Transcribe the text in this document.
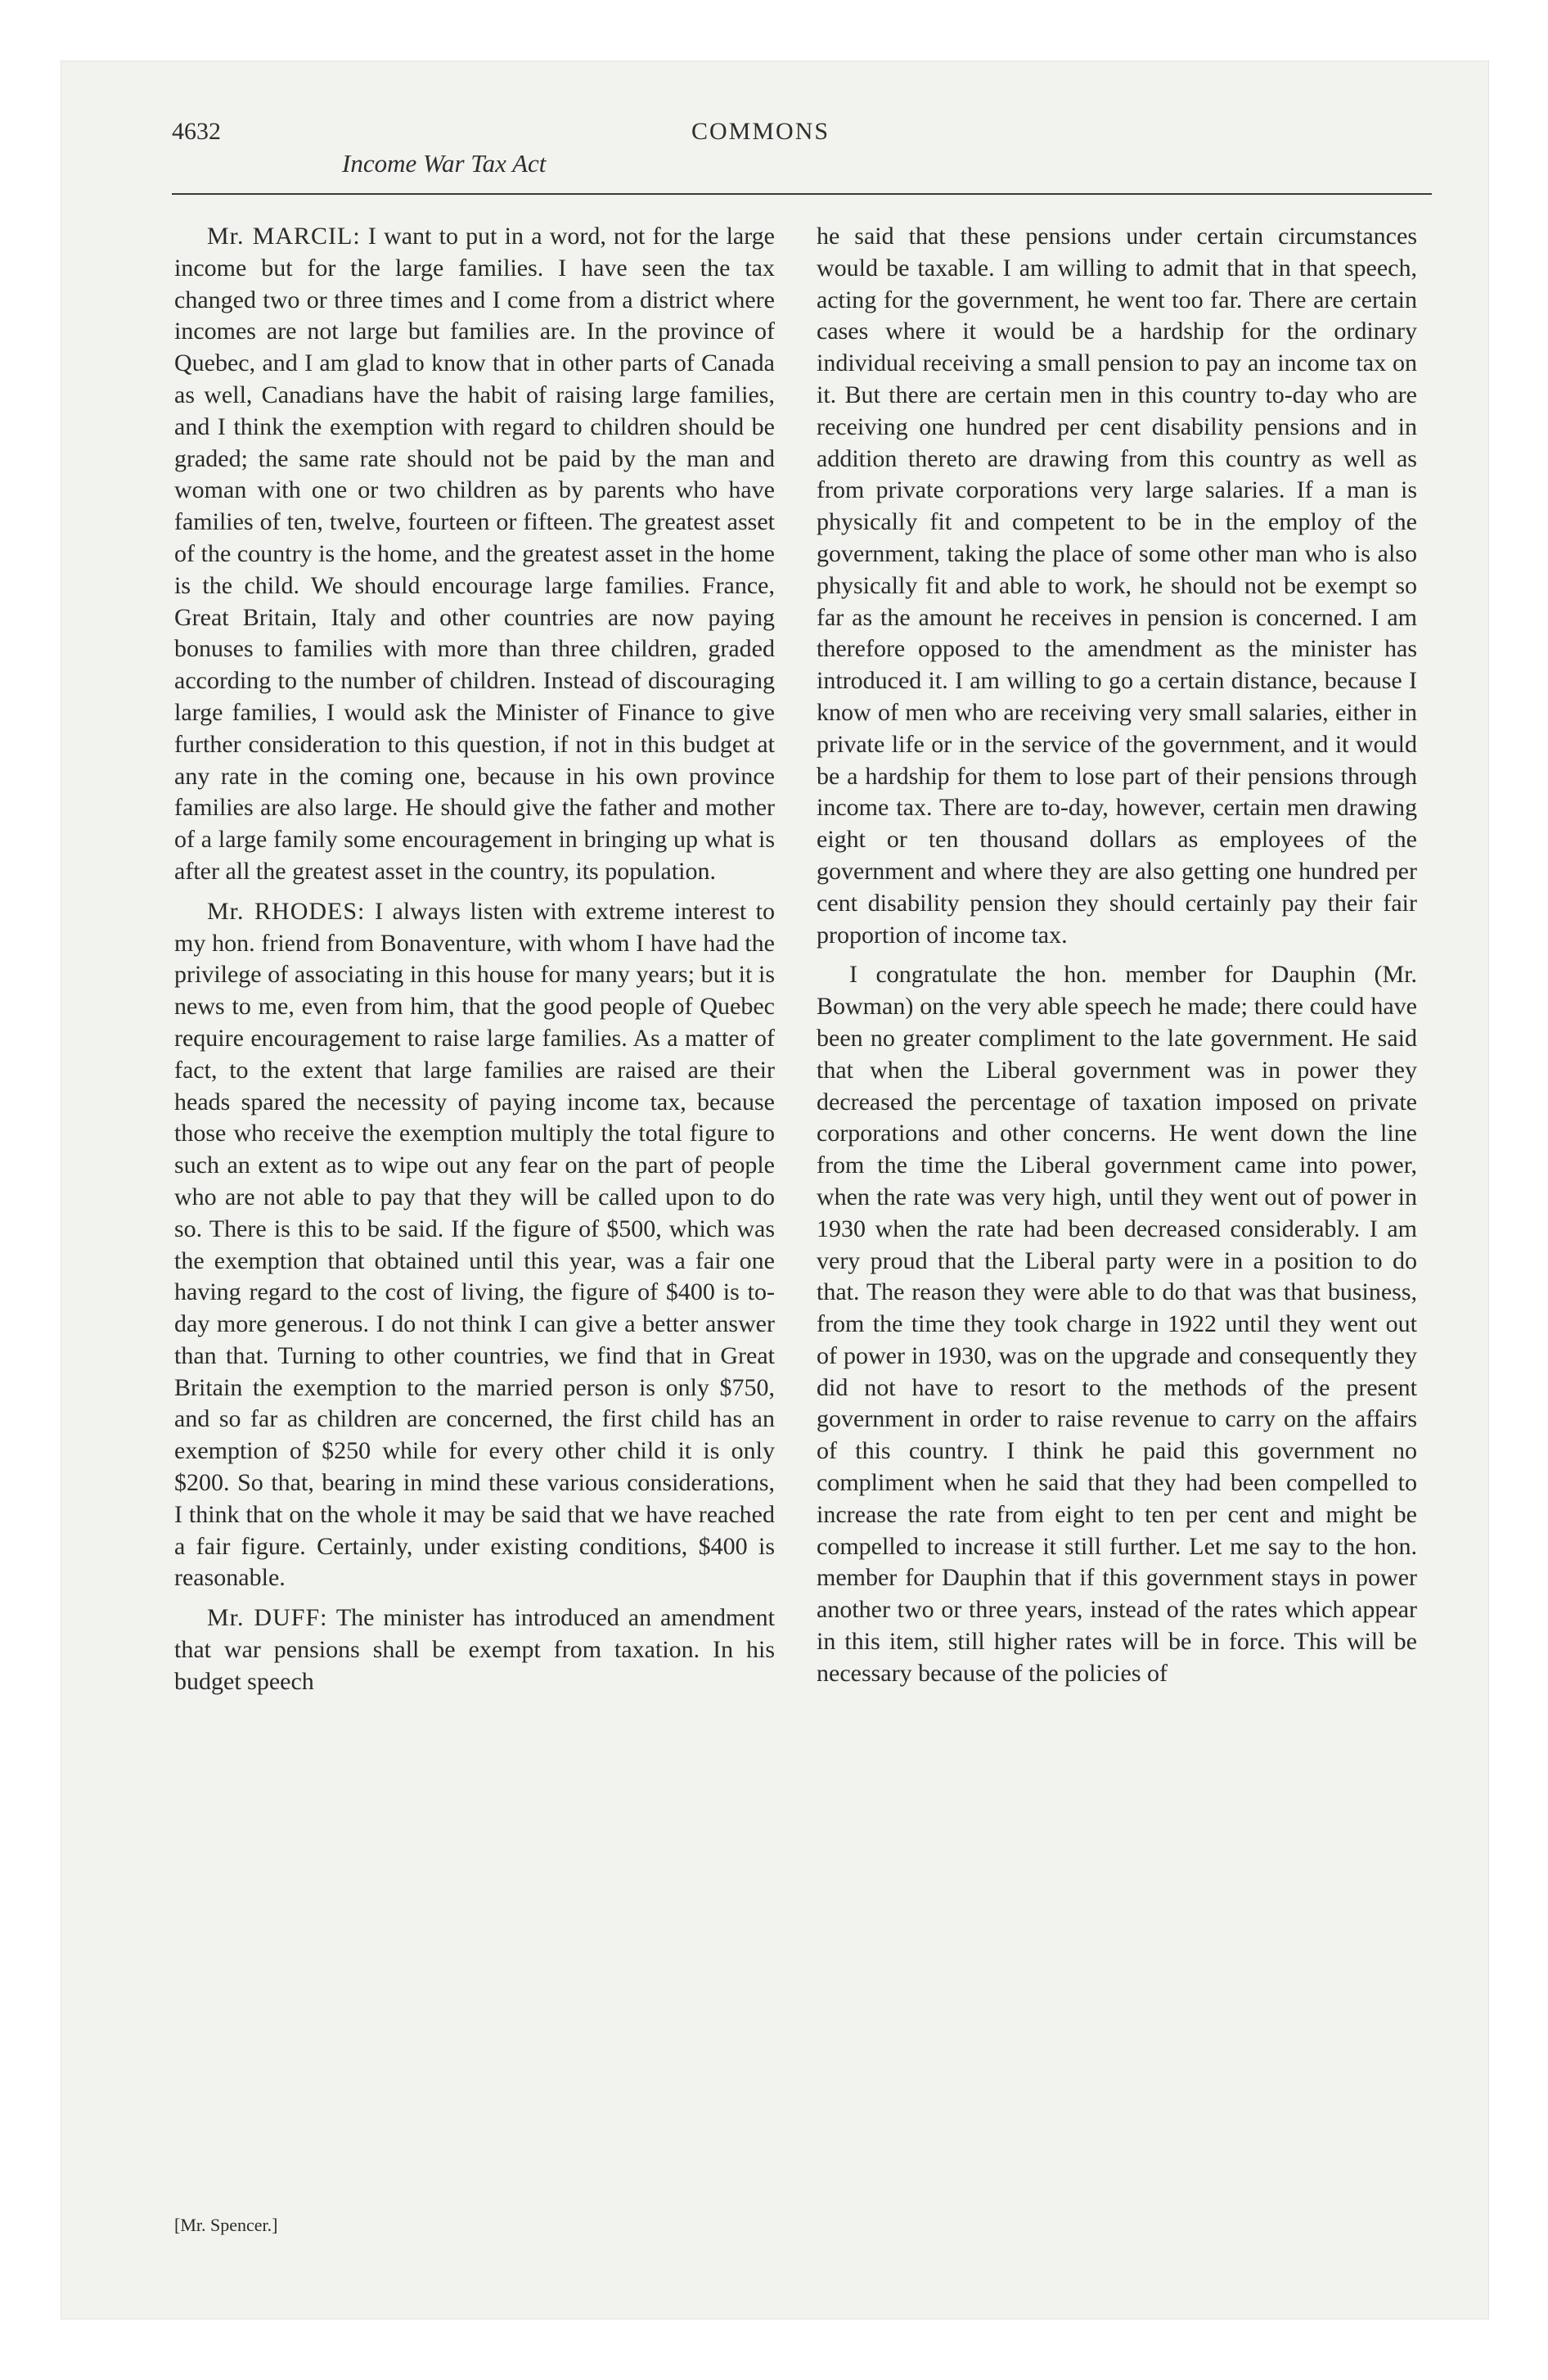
4632	COMMONS
Income War Tax Act

Mr. MARCIL: I want to put in a word, not for the large income but for the large families. I have seen the tax changed two or three times and I come from a district where incomes are not large but families are. In the province of Quebec, and I am glad to know that in other parts of Canada as well, Canadians have the habit of raising large families, and I think the exemption with regard to children should be graded; the same rate should not be paid by the man and woman with one or two children as by parents who have families of ten, twelve, fourteen or fifteen. The greatest asset of the country is the home, and the greatest asset in the home is the child. We should encourage large families. France, Great Britain, Italy and other countries are now paying bonuses to families with more than three children, graded according to the number of children. Instead of discouraging large families, I would ask the Minister of Finance to give further consideration to this question, if not in this budget at any rate in the coming one, because in his own province families are also large. He should give the father and mother of a large family some encouragement in bringing up what is after all the greatest asset in the country, its population.

Mr. RHODES: I always listen with extreme interest to my hon. friend from Bonaventure, with whom I have had the privilege of associating in this house for many years; but it is news to me, even from him, that the good people of Quebec require encouragement to raise large families. As a matter of fact, to the extent that large families are raised are their heads spared the necessity of paying income tax, because those who receive the exemption multiply the total figure to such an extent as to wipe out any fear on the part of people who are not able to pay that they will be called upon to do so. There is this to be said. If the figure of $500, which was the exemption that obtained until this year, was a fair one having regard to the cost of living, the figure of $400 is to-day more generous. I do not think I can give a better answer than that. Turning to other countries, we find that in Great Britain the exemption to the married person is only $750, and so far as children are concerned, the first child has an exemption of $250 while for every other child it is only $200. So that, bearing in mind these various considerations, I think that on the whole it may be said that we have reached a fair figure. Certainly, under existing conditions, $400 is reasonable.

Mr. DUFF: The minister has introduced an amendment that war pensions shall be exempt from taxation. In his budget speech

he said that these pensions under certain circumstances would be taxable. I am willing to admit that in that speech, acting for the government, he went too far. There are certain cases where it would be a hardship for the ordinary individual receiving a small pension to pay an income tax on it. But there are certain men in this country to-day who are receiving one hundred per cent disability pensions and in addition thereto are drawing from this country as well as from private corporations very large salaries. If a man is physically fit and competent to be in the employ of the government, taking the place of some other man who is also physically fit and able to work, he should not be exempt so far as the amount he receives in pension is concerned. I am therefore opposed to the amendment as the minister has introduced it. I am willing to go a certain distance, because I know of men who are receiving very small salaries, either in private life or in the service of the government, and it would be a hardship for them to lose part of their pensions through income tax. There are to-day, however, certain men drawing eight or ten thousand dollars as employees of the government and where they are also getting one hundred per cent disability pension they should certainly pay their fair proportion of income tax.

I congratulate the hon. member for Dauphin (Mr. Bowman) on the very able speech he made; there could have been no greater compliment to the late government. He said that when the Liberal government was in power they decreased the percentage of taxation imposed on private corporations and other concerns. He went down the line from the time the Liberal government came into power, when the rate was very high, until they went out of power in 1930 when the rate had been decreased considerably. I am very proud that the Liberal party were in a position to do that. The reason they were able to do that was that business, from the time they took charge in 1922 until they went out of power in 1930, was on the upgrade and consequently they did not have to resort to the methods of the present government in order to raise revenue to carry on the affairs of this country. I think he paid this government no compliment when he said that they had been compelled to increase the rate from eight to ten per cent and might be compelled to increase it still further. Let me say to the hon. member for Dauphin that if this government stays in power another two or three years, instead of the rates which appear in this item, still higher rates will be in force. This will be necessary because of the policies of

[Mr. Spencer.]
